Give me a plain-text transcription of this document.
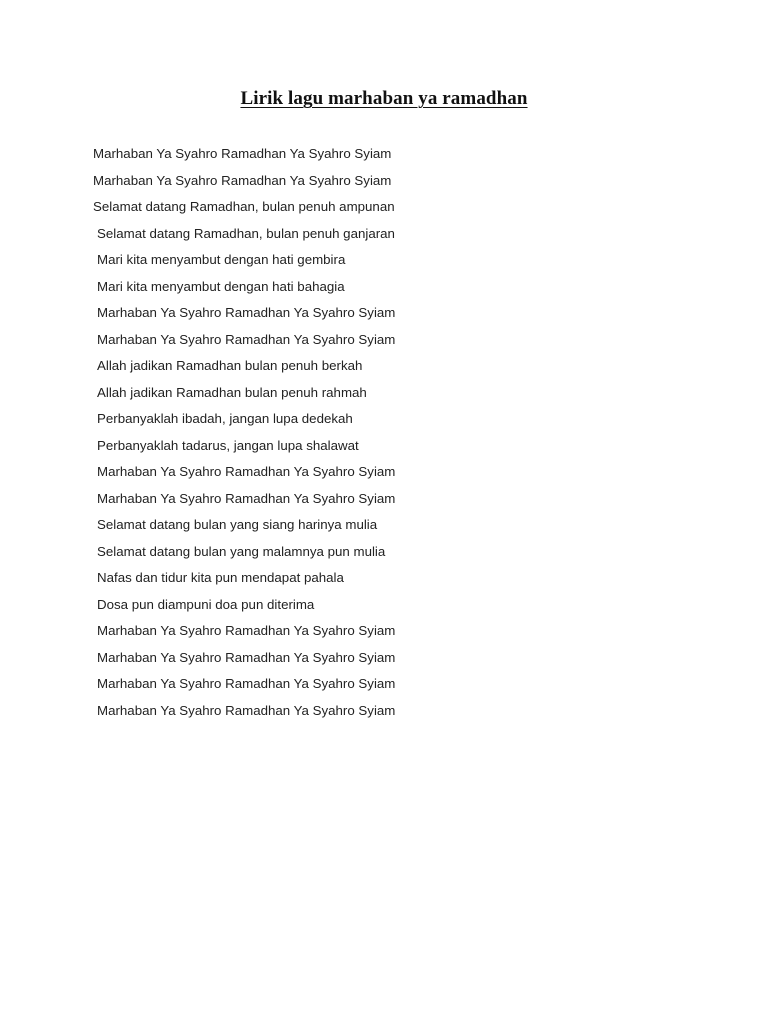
Lirik lagu marhaban ya ramadhan
Marhaban Ya Syahro Ramadhan Ya Syahro Syiam
Marhaban Ya Syahro Ramadhan Ya Syahro Syiam
Selamat datang Ramadhan, bulan penuh ampunan
Selamat datang Ramadhan, bulan penuh ganjaran
Mari kita menyambut dengan hati gembira
Mari kita menyambut dengan hati bahagia
Marhaban Ya Syahro Ramadhan Ya Syahro Syiam
Marhaban Ya Syahro Ramadhan Ya Syahro Syiam
Allah jadikan Ramadhan bulan penuh berkah
Allah jadikan Ramadhan bulan penuh rahmah
Perbanyaklah ibadah, jangan lupa dedekah
Perbanyaklah tadarus, jangan lupa shalawat
Marhaban Ya Syahro Ramadhan Ya Syahro Syiam
Marhaban Ya Syahro Ramadhan Ya Syahro Syiam
Selamat datang bulan yang siang harinya mulia
Selamat datang bulan yang malamnya pun mulia
Nafas dan tidur kita pun mendapat pahala
Dosa pun diampuni doa pun diterima
Marhaban Ya Syahro Ramadhan Ya Syahro Syiam
Marhaban Ya Syahro Ramadhan Ya Syahro Syiam
Marhaban Ya Syahro Ramadhan Ya Syahro Syiam
Marhaban Ya Syahro Ramadhan Ya Syahro Syiam
